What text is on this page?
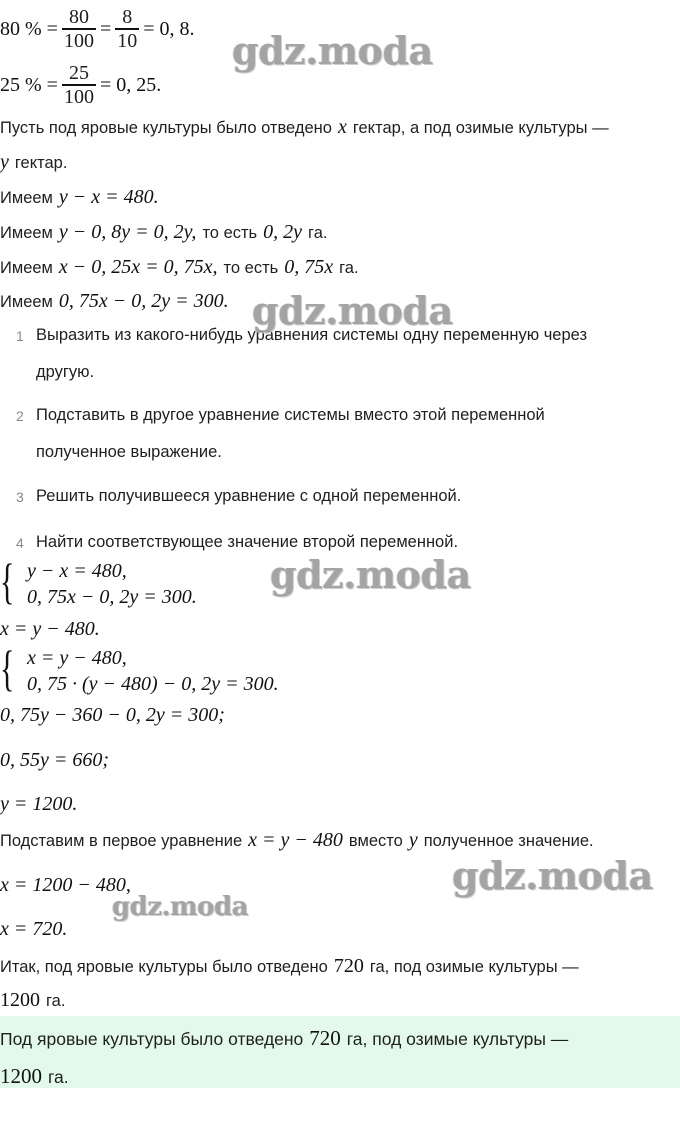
80 % = $\frac{80}{100} = \frac{8}{10} = 0$, 8.
25 % = $\frac{25}{100} = 0$, 25.
Пусть под яровые культуры было отведено x гектар, а под озимые культуры —
y гектар.
Имеем y − x = 480.
Имеем y − 0, 8y = 0, 2y, то есть 0, 2y га.
Имеем x − 0, 25x = 0, 75x, то есть 0, 75x га.
Имеем 0, 75x − 0, 2y = 300.
1 Выразить из какого-нибудь уравнения системы одну переменную через
другую.
2 Подставить в другое уравнение системы вместо этой переменной
полученное выражение.
3 Решить получившееся уравнение с одной переменной.
4 Найти соответствующее значение второй переменной.
{ y − x = 480,
0, 75x − 0, 2y = 300.
x = y − 480.
{ x = y − 480,
0, 75 · (y − 480) − 0, 2y = 300.
0, 75y − 360 − 0, 2y = 300;
0, 55y = 660;
y = 1200.
Подставим в первое уравнение x = y − 480 вместо y полученное значение.
x = 1200 − 480,
x = 720.
Итак, под яровые культуры было отведено 720 га, под озимые культуры —
1200 га.
Под яровые культуры было отведено 720 га, под озимые культуры —
1200 га.
gdz.moda
gdz.moda
gdz.moda
gdz.moda
gdz.moda
